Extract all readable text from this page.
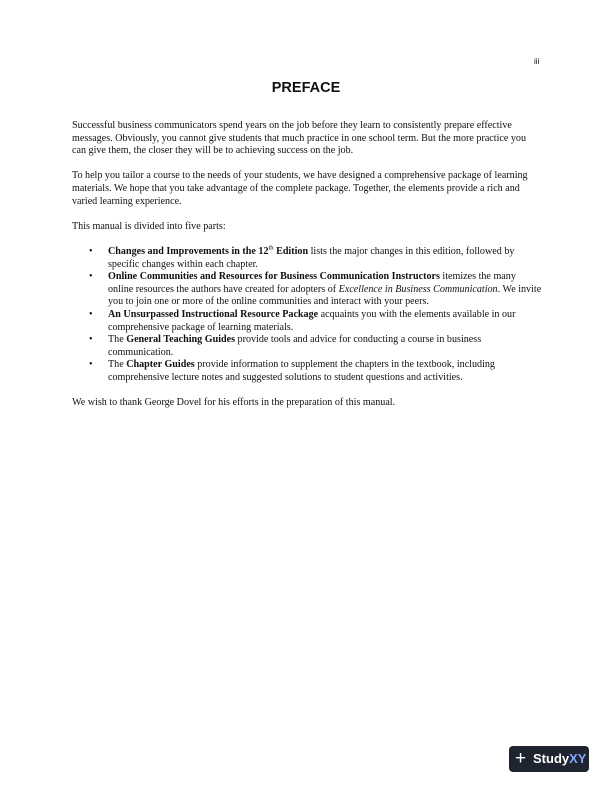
iii
PREFACE

Successful business communicators spend years on the job before they learn to consistently prepare effective messages. Obviously, you cannot give students that much practice in one school term. But the more practice you can give them, the closer they will be to achieving success on the job.

To help you tailor a course to the needs of your students, we have designed a comprehensive package of learning materials. We hope that you take advantage of the complete package. Together, the elements provide a rich and varied learning experience.

This manual is divided into five parts:

• Changes and Improvements in the 12th Edition lists the major changes in this edition, followed by specific changes within each chapter.
• Online Communities and Resources for Business Communication Instructors itemizes the many online resources the authors have created for adopters of Excellence in Business Communication. We invite you to join one or more of the online communities and interact with your peers.
• An Unsurpassed Instructional Resource Package acquaints you with the elements available in our comprehensive package of learning materials.
• The General Teaching Guides provide tools and advice for conducting a course in business communication.
• The Chapter Guides provide information to supplement the chapters in the textbook, including comprehensive lecture notes and suggested solutions to student questions and activities.

We wish to thank George Dovel for his efforts in the preparation of this manual.

+ StudyXY
